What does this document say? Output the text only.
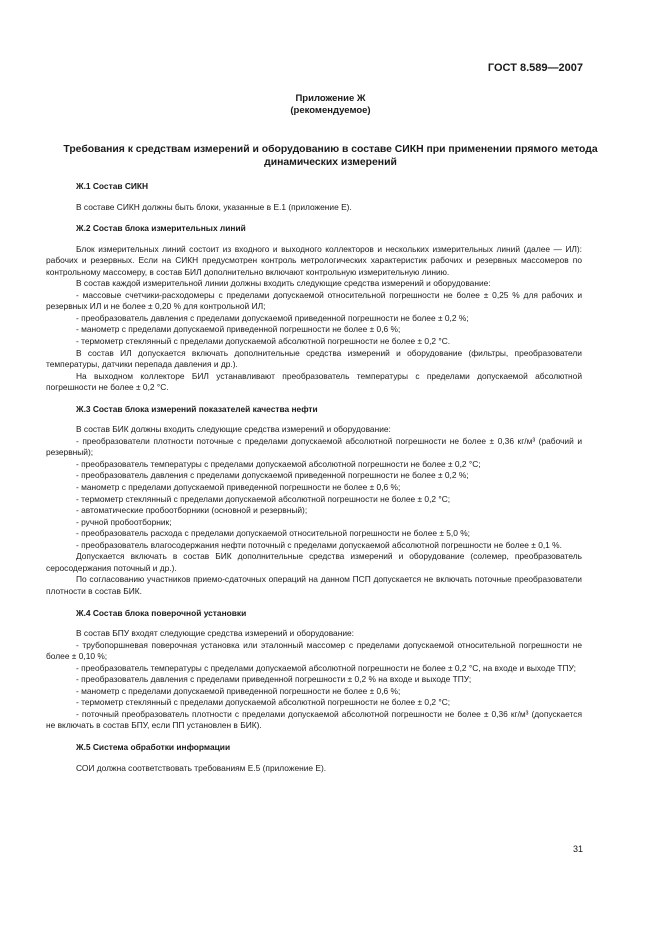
ГОСТ 8.589—2007
Приложение Ж
(рекомендуемое)
Требования к средствам измерений и оборудованию в составе СИКН при применении прямого метода динамических измерений
Ж.1 Состав СИКН

В составе СИКН должны быть блоки, указанные в Е.1 (приложение Е).

Ж.2 Состав блока измерительных линий

Блок измерительных линий состоит из входного и выходного коллекторов и нескольких измерительных линий (далее — ИЛ): рабочих и резервных. Если на СИКН предусмотрен контроль метрологических характеристик рабочих и резервных массомеров по контрольному массомеру, в состав БИЛ дополнительно включают контрольную измерительную линию.

В состав каждой измерительной линии должны входить следующие средства измерений и оборудование:

- массовые счетчики-расходомеры с пределами допускаемой относительной погрешности не более ± 0,25 % для рабочих и резервных ИЛ и не более ± 0,20 % для контрольной ИЛ;

- преобразователь давления с пределами допускаемой приведенной погрешности не более ± 0,2 %;

- манометр с пределами допускаемой приведенной погрешности не более ± 0,6 %;

- термометр стеклянный с пределами допускаемой абсолютной погрешности не более ± 0,2 °С.

В состав ИЛ допускается включать дополнительные средства измерений и оборудование (фильтры, преобразователи температуры, датчики перепада давления и др.).

На выходном коллекторе БИЛ устанавливают преобразователь температуры с пределами допускаемой абсолютной погрешности не более ± 0,2 °С.

Ж.3 Состав блока измерений показателей качества нефти

В состав БИК должны входить следующие средства измерений и оборудование:

- преобразователи плотности поточные с пределами допускаемой абсолютной погрешности не более ± 0,36 кг/м³ (рабочий и резервный);

- преобразователь температуры с пределами допускаемой абсолютной погрешности не более ± 0,2 °С;

- преобразователь давления с пределами допускаемой приведенной погрешности не более ± 0,2 %;

- манометр с пределами допускаемой приведенной погрешности не более ± 0,6 %;

- термометр стеклянный с пределами допускаемой абсолютной погрешности не более ± 0,2 °С;

- автоматические пробоотборники (основной и резервный);

- ручной пробоотборник;

- преобразователь расхода с пределами допускаемой относительной погрешности не более ± 5,0 %;

- преобразователь влагосодержания нефти поточный с пределами допускаемой абсолютной погрешности не более ± 0,1 %.

Допускается включать в состав БИК дополнительные средства измерений и оборудование (солемер, преобразователь серосодержания поточный и др.).

По согласованию участников приемо-сдаточных операций на данном ПСП допускается не включать поточные преобразователи плотности в состав БИК.

Ж.4 Состав блока поверочной установки

В состав БПУ входят следующие средства измерений и оборудование:

- трубопоршневая поверочная установка или эталонный массомер с пределами допускаемой относительной погрешности не более ± 0,10 %;

- преобразователь температуры с пределами допускаемой абсолютной погрешности не более ± 0,2 °С, на входе и выходе ТПУ;

- преобразователь давления с пределами приведенной погрешности ± 0,2 % на входе и выходе ТПУ;

- манометр с пределами допускаемой приведенной погрешности не более ± 0,6 %;

- термометр стеклянный с пределами допускаемой абсолютной погрешности не более ± 0,2 °С;

- поточный преобразователь плотности с пределами допускаемой абсолютной погрешности не более ± 0,36 кг/м³ (допускается не включать в состав БПУ, если ПП установлен в БИК).

Ж.5 Система обработки информации

СОИ должна соответствовать требованиям Е.5 (приложение Е).

31
